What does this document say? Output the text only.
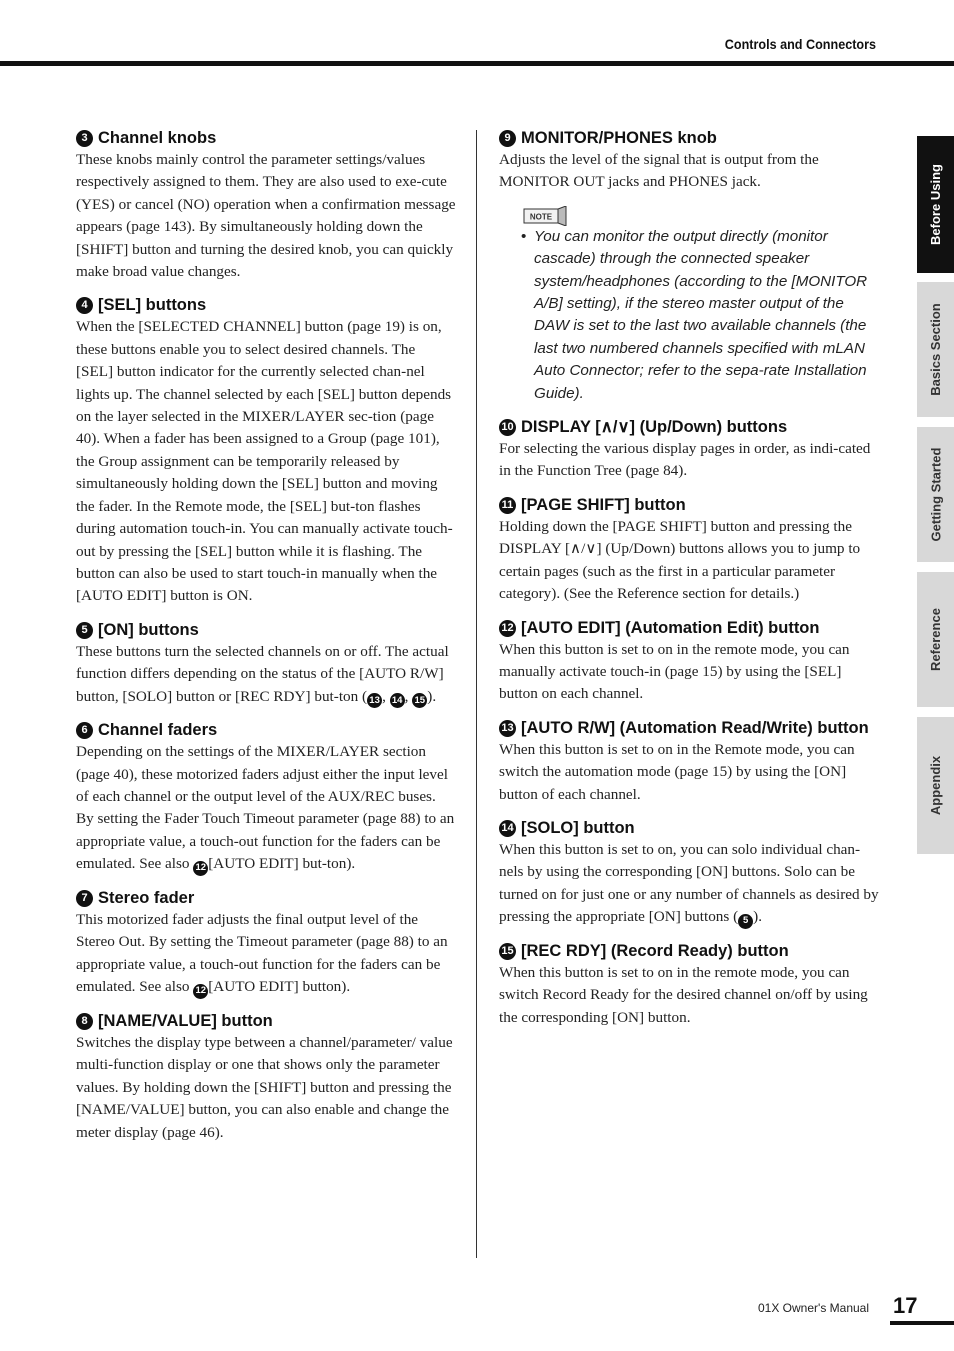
Controls and Connectors
3 Channel knobs

These knobs mainly control the parameter settings/values respectively assigned to them. They are also used to exe-cute (YES) or cancel (NO) operation when a confirmation message appears (page 143). By simultaneously holding down the [SHIFT] button and turning the desired knob, you can quickly make broad value changes.

4 [SEL] buttons

When the [SELECTED CHANNEL] button (page 19) is on, these buttons enable you to select desired channels. The [SEL] button indicator for the currently selected chan-nel lights up. The channel selected by each [SEL] button depends on the layer selected in the MIXER/LAYER sec-tion (page 40). When a fader has been assigned to a Group (page 101), the Group assignment can be temporarily released by simultaneously holding down the [SEL] button and moving the fader. In the Remote mode, the [SEL] but-ton flashes during automation touch-in. You can manually activate touch-out by pressing the [SEL] button while it is flashing. The button can also be used to start touch-in manually when the [AUTO EDIT] button is ON.

5 [ON] buttons

These buttons turn the selected channels on or off. The actual function differs depending on the status of the [AUTO R/W] button, [SOLO] button or [REC RDY] but-ton ( 13 , 14 , 15 ).

6 Channel faders

Depending on the settings of the MIXER/LAYER section (page 40), these motorized faders adjust either the input level of each channel or the output level of the AUX/REC buses. By setting the Fader Touch Timeout parameter (page 88) to an appropriate value, a touch-out function for the faders can be emulated. See also 12 [AUTO EDIT] but-ton).

7 Stereo fader

This motorized fader adjusts the final output level of the Stereo Out. By setting the Timeout parameter (page 88) to an appropriate value, a touch-out function for the faders can be emulated. See also 12 [AUTO EDIT] button).

8 [NAME/VALUE] button

Switches the display type between a channel/parameter/ value multi-function display or one that shows only the parameter values. By holding down the [SHIFT] button and pressing the [NAME/VALUE] button, you can also enable and change the meter display (page 46).

9 MONITOR/PHONES knob

Adjusts the level of the signal that is output from the MONITOR OUT jacks and PHONES jack.

NOTE

• You can monitor the output directly (monitor cascade) through the connected speaker system/headphones (according to the [MONITOR A/B] setting), if the stereo master output of the DAW is set to the last two available channels (the last two numbered channels specified with mLAN Auto Connector; refer to the sepa-rate Installation Guide).

10 DISPLAY [∧/∨] (Up/Down) buttons

For selecting the various display pages in order, as indi-cated in the Function Tree (page 84).

11 [PAGE SHIFT] button

Holding down the [PAGE SHIFT] button and pressing the DISPLAY [∧/∨] (Up/Down) buttons allows you to jump to certain pages (such as the first in a particular parameter category). (See the Reference section for details.)

12 [AUTO EDIT] (Automation Edit) button

When this button is set to on in the remote mode, you can manually activate touch-in (page 15) by using the [SEL] button on each channel.

13 [AUTO R/W] (Automation Read/Write) button

When this button is set to on in the Remote mode, you can switch the automation mode (page 15) by using the [ON] button of each channel.

14 [SOLO] button

When this button is set to on, you can solo individual chan-nels by using the corresponding [ON] buttons. Solo can be turned on for just one or any number of channels as desired by pressing the appropriate [ON] buttons ( 5 ).

15 [REC RDY] (Record Ready) button

When this button is set to on in the remote mode, you can switch Record Ready for the desired channel on/off by using the corresponding [ON] button.

Before Using
Basics Section
Getting Started
Reference
Appendix
01X Owner's Manual 17
